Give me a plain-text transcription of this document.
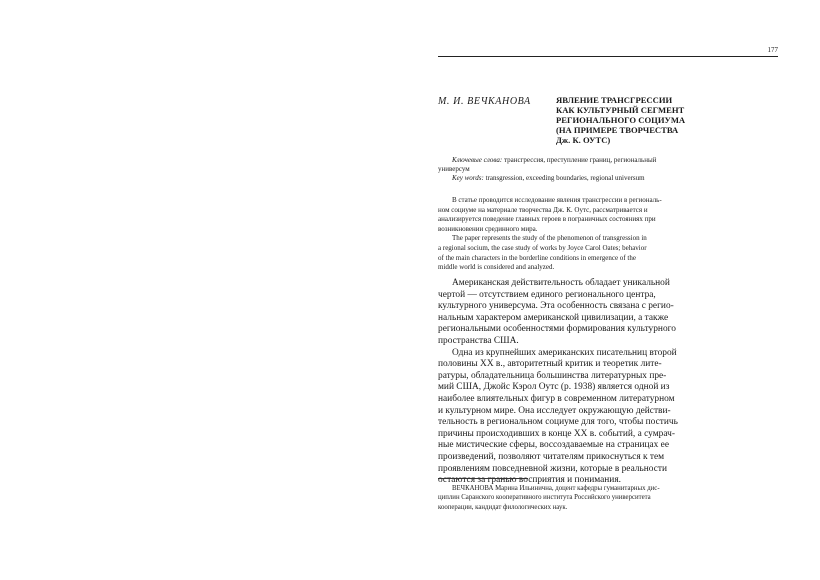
177
М. И. ВЕЧКАНОВА	ЯВЛЕНИЕ ТРАНСГРЕССИИ
КАК КУЛЬТУРНЫЙ СЕГМЕНТ
РЕГИОНАЛЬНОГО СОЦИУМА
(НА ПРИМЕРЕ ТВОРЧЕСТВА
Дж. К. ОУТС)
Ключевые слова: трансгрессия, преступление границ, региональный
универсум
Key words: transgression, exceeding boundaries, regional universum
В статье проводится исследование явления трансгрессии в региональ-
ном социуме на материале творчества Дж. К. Оутс, рассматривается и
анализируется поведение главных героев в пограничных состояниях при
возникновении срединного мира.
The paper represents the study of the phenomenon of transgression in
a regional socium, the case study of works by Joyce Carol Oates; behavior
of the main characters in the borderline conditions in emergence of the
middle world is considered and analyzed.
Американская действительность обладает уникальной
чертой — отсутствием единого регионального центра,
культурного универсума. Эта особенность связана с регио-
нальным характером американской цивилизации, а также
региональными особенностями формирования культурного
пространства США.
Одна из крупнейших американских писательниц второй
половины XX в., авторитетный критик и теоретик лите-
ратуры, обладательница большинства литературных пре-
мий США, Джойс Кэрол Оутс (р. 1938) является одной из
наиболее влиятельных фигур в современном литературном
и культурном мире. Она исследует окружающую действи-
тельность в региональном социуме для того, чтобы постичь
причины происходивших в конце XX в. событий, а сумрач-
ные мистические сферы, воссоздаваемые на страницах ее
произведений, позволяют читателям прикоснуться к тем
проявлениям повседневной жизни, которые в реальности
остаются за гранью восприятия и понимания.
ВЕЧКАНОВА Марина Ильинична, доцент кафедры гуманитарных дис-
циплин Саранского кооперативного института Российского университета
кооперации, кандидат филологических наук.
